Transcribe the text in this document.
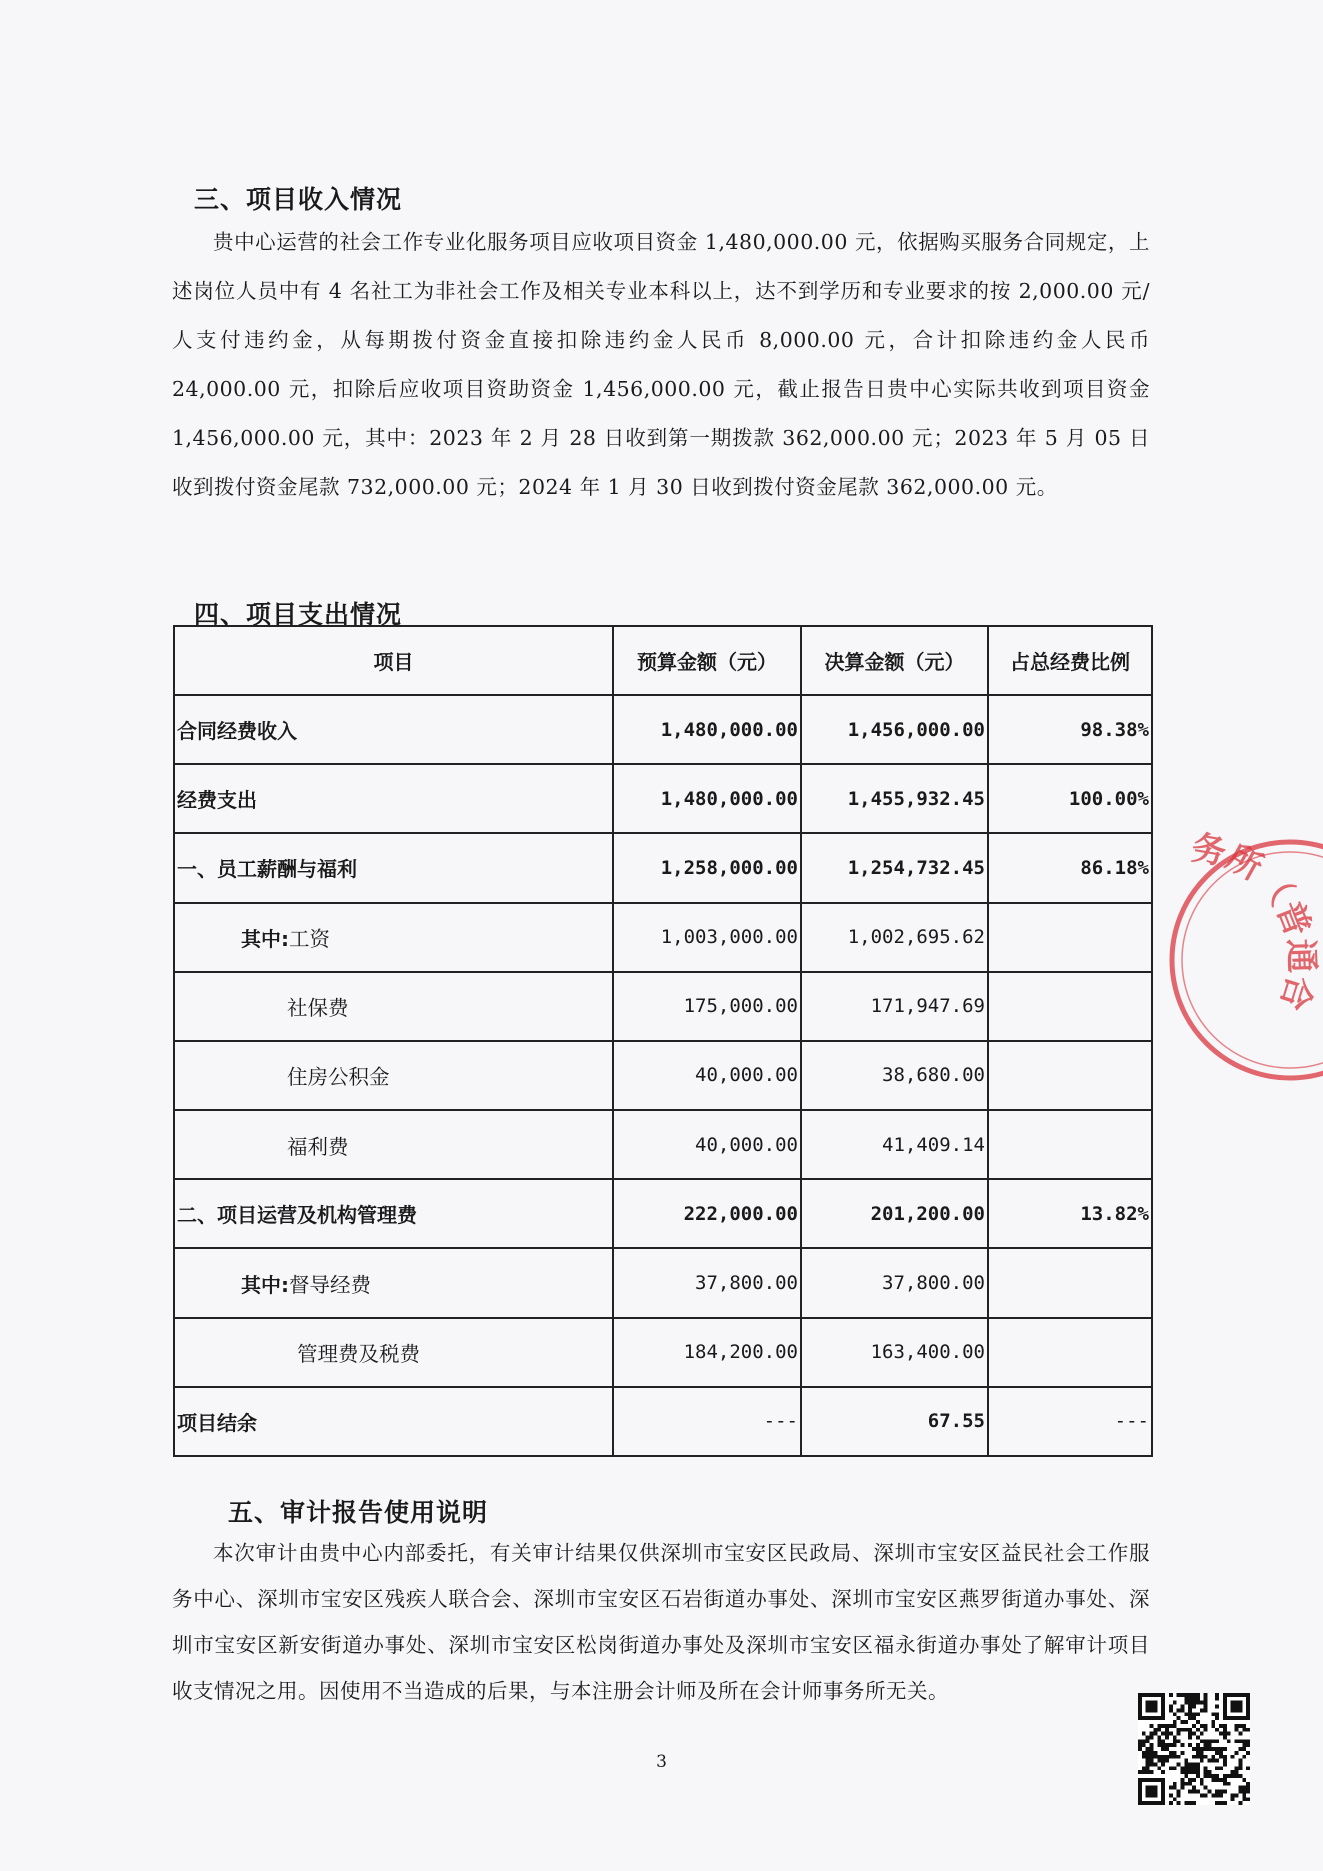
三、项目收入情况
贵中心运营的社会工作专业化服务项目应收项目资金 1,480,000.00 元，依据购买服务合同规定，上述岗位人员中有 4 名社工为非社会工作及相关专业本科以上，达不到学历和专业要求的按 2,000.00 元/人支付违约金，从每期拨付资金直接扣除违约金人民币 8,000.00 元，合计扣除违约金人民币 24,000.00 元，扣除后应收项目资助资金 1,456,000.00 元，截止报告日贵中心实际共收到项目资金 1,456,000.00 元，其中：2023 年 2 月 28 日收到第一期拨款 362,000.00 元；2023 年 5 月 05 日收到拨付资金尾款 732,000.00 元；2024 年 1 月 30 日收到拨付资金尾款 362,000.00 元。
四、项目支出情况
项目	预算金额（元）	决算金额（元）	占总经费比例
合同经费收入	1,480,000.00	1,456,000.00	98.38%
经费支出	1,480,000.00	1,455,932.45	100.00%
一、员工薪酬与福利	1,258,000.00	1,254,732.45	86.18%
其中:工资	1,003,000.00	1,002,695.62	
社保费	175,000.00	171,947.69	
住房公积金	40,000.00	38,680.00	
福利费	40,000.00	41,409.14	
二、项目运营及机构管理费	222,000.00	201,200.00	13.82%
其中:督导经费	37,800.00	37,800.00	
管理费及税费	184,200.00	163,400.00	
项目结余	---	67.55	---
五、审计报告使用说明
本次审计由贵中心内部委托，有关审计结果仅供深圳市宝安区民政局、深圳市宝安区益民社会工作服务中心、深圳市宝安区残疾人联合会、深圳市宝安区石岩街道办事处、深圳市宝安区燕罗街道办事处、深圳市宝安区新安街道办事处、深圳市宝安区松岗街道办事处及深圳市宝安区福永街道办事处了解审计项目收支情况之用。因使用不当造成的后果，与本注册会计师及所在会计师事务所无关。
3
务所（普通合
